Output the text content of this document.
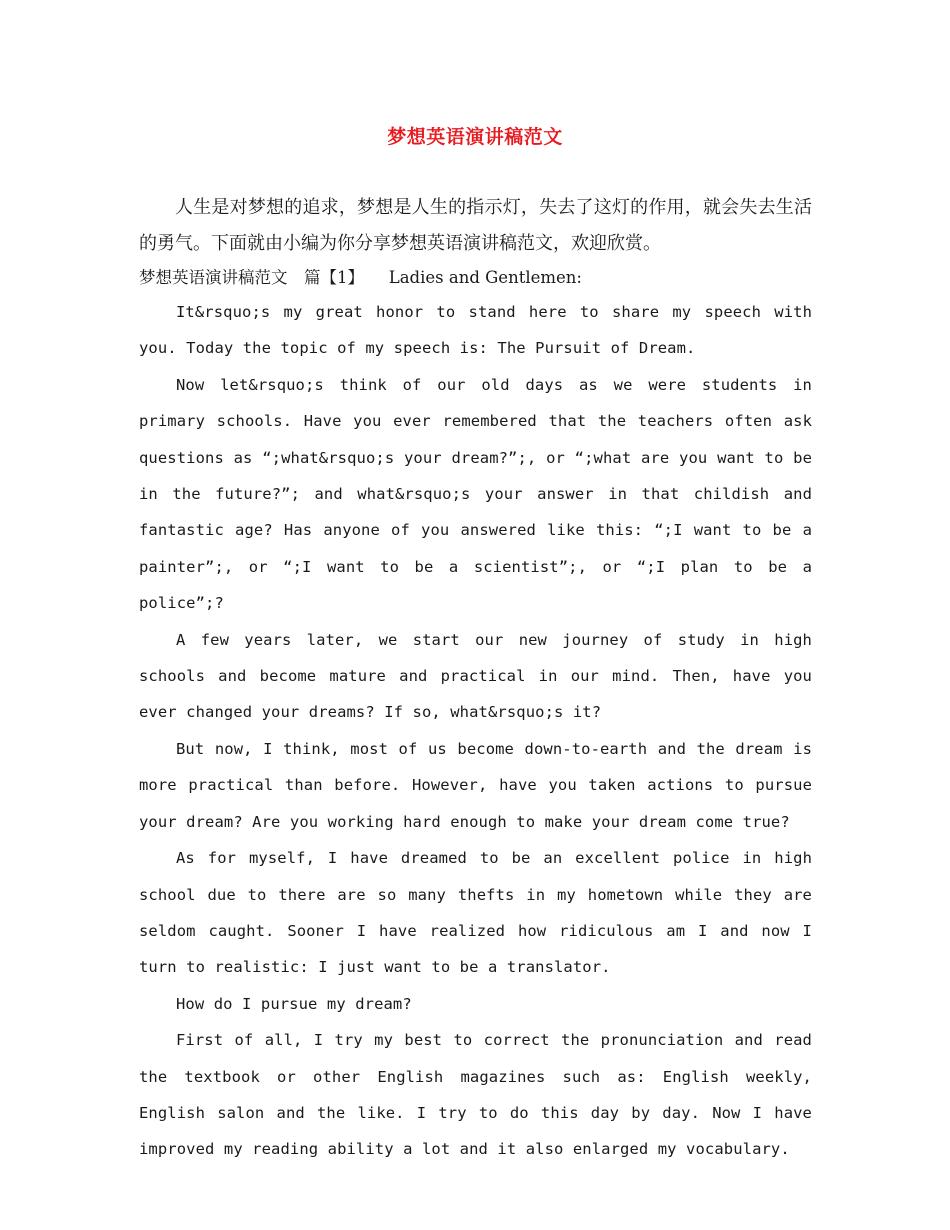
梦想英语演讲稿范文

人生是对梦想的追求，梦想是人生的指示灯，失去了这灯的作用，就会失去生活的勇气。下面就由小编为你分享梦想英语演讲稿范文，欢迎欣赏。

梦想英语演讲稿范文　篇【1】　　Ladies and Gentlemen:

It&rsquo;s my great honor to stand here to share my speech with you. Today the topic of my speech is: The Pursuit of Dream.

Now let&rsquo;s think of our old days as we were students in primary schools. Have you ever remembered that the teachers often ask questions as “;what&rsquo;s your dream?”;, or “;what are you want to be in the future?”; and what&rsquo;s your answer in that childish and fantastic age? Has anyone of you answered like this: “;I want to be a painter”;, or “;I want to be a scientist”;, or “;I plan to be a police”;?

A few years later, we start our new journey of study in high schools and become mature and practical in our mind. Then, have you ever changed your dreams? If so, what&rsquo;s it?

But now, I think, most of us become down-to-earth and the dream is more practical than before. However, have you taken actions to pursue your dream? Are you working hard enough to make your dream come true?

As for myself, I have dreamed to be an excellent police in high school due to there are so many thefts in my hometown while they are seldom caught. Sooner I have realized how ridiculous am I and now I turn to realistic: I just want to be a translator.

How do I pursue my dream?

First of all, I try my best to correct the pronunciation and read the textbook or other English magazines such as: English weekly, English salon and the like. I try to do this day by day. Now I have improved my reading ability a lot and it also enlarged my vocabulary.
